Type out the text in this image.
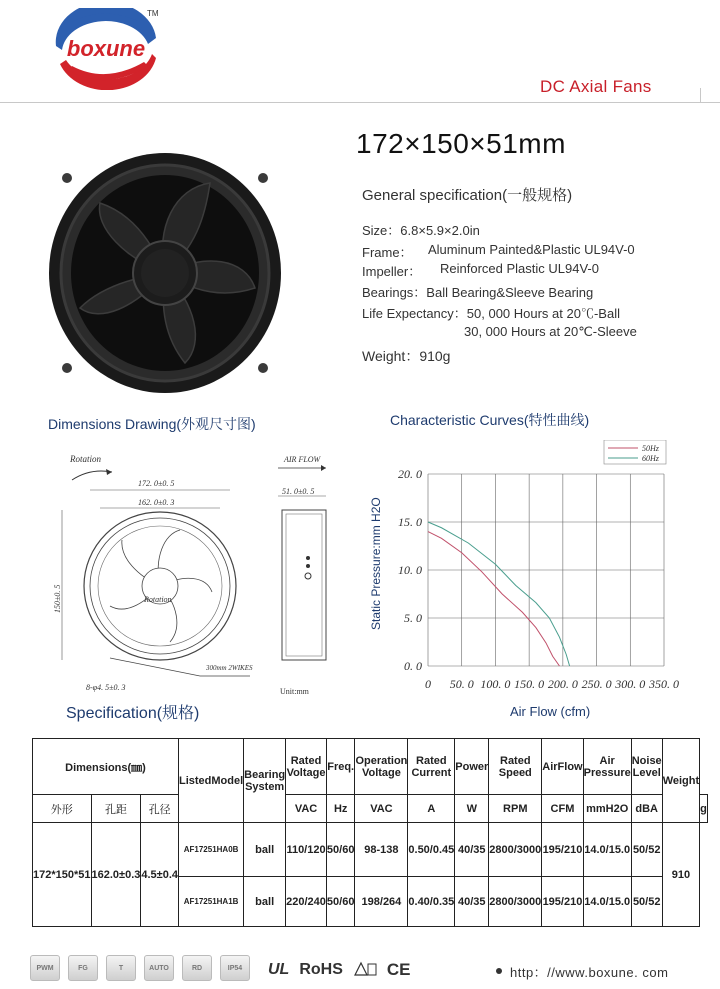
boxune
TM
DC Axial Fans
172×150×51mm
General specification(一般规格)
Size：6.8×5.9×2.0in
Frame： Aluminum Painted&Plastic UL94V-0
Impeller： Reinforced Plastic UL94V-0
Bearings：Ball Bearing&Sleeve Bearing
Life Expectancy：50, 000 Hours at 20℃-Ball
30, 000 Hours at 20℃-Sleeve
Weight：910g
Dimensions Drawing(外观尺寸图)	Characteristic Curves(特性曲线)
Rotation
172. 0±0. 5
162. 0±0. 3
150±0. 5	Rotation
300mm 2WIKES
8-φ4. 5±0. 3
AIR FLOW
51. 0±0. 5
Unit:mm
0 50. 0 100. 0 150. 0 200. 0 250. 0 300. 0 350. 0
0. 0
5. 0
10. 0
15. 0
20. 0
50Hz
60Hz
Static Pressure:mm H2O
Air Flow (cfm)
Specification(规格)
Dimensions(㎜)			ListedModel	Bearing System	Rated Voltage	Freq.	Operation Voltage	Rated Current	Power	Rated Speed	AirFlow	Air Pressure	Noise Level	Weight	
外形	孔距	孔径			VAC	Hz	VAC	A	W	RPM	CFM	mmH2O	dBA		g
172*150*51	162.0±0.3	4.5±0.4	AF17251HA0B	ball	110/120	50/60	98-138	0.50/0.45	40/35	2800/3000	195/210	14.0/15.0	50/52	910	
			AF17251HA1B	ball	220/240	50/60	198/264	0.40/0.35	40/35	2800/3000	195/210	14.0/15.0	50/52		
PWM	FG	T	AUTO	RD	IP54	UL RoHS	CE	http：//www.boxune. com
